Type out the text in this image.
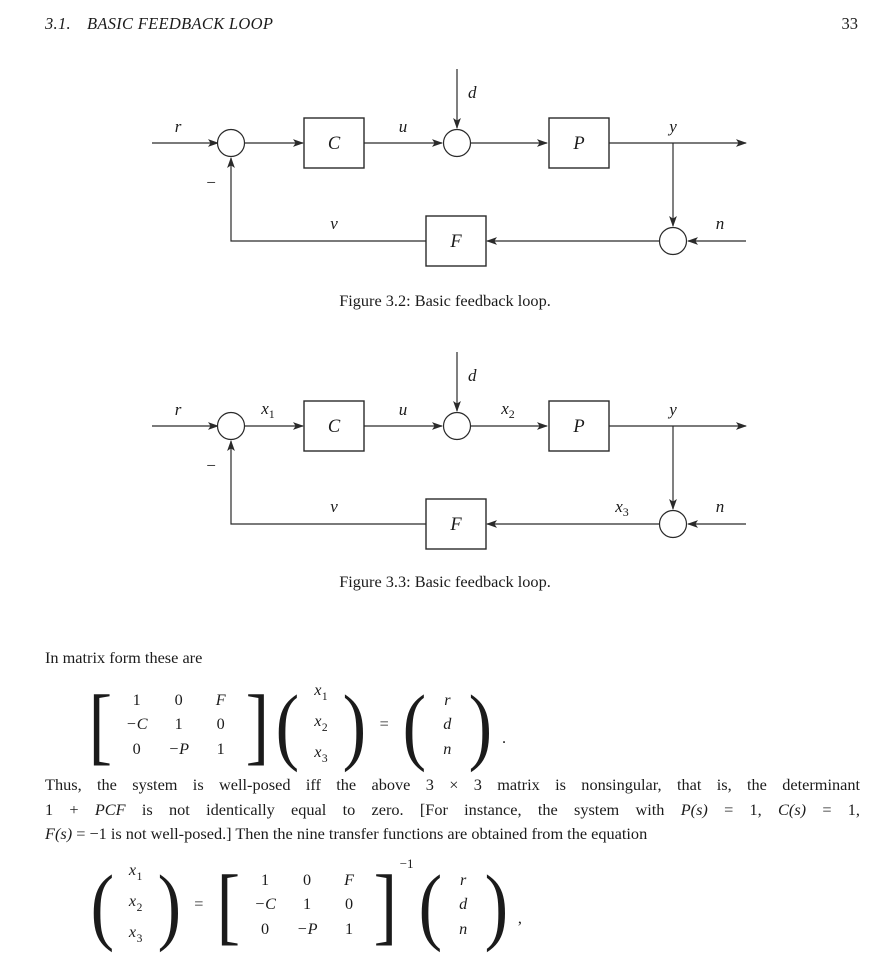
3.1. BASIC FEEDBACK LOOP	33
r
−
C
u
d
P
y
n
F
v
Figure 3.2: Basic feedback loop.
r
−
$x_1$
C
u
d
$x_2$
P
y
n
$x_3$
F
v
Figure 3.3: Basic feedback loop.
In matrix form these are
[	1	0	F
−C	1	0
0	−P	1 ] ( $x_1$
$x_2$
$x_3$ ) = (	r
d
n ) .
Thus, the system is well-posed iff the above 3 × 3 matrix is nonsingular, that is, the determinant
1 + PCF is not identically equal to zero. [For instance, the system with P(s) = 1, C(s) = 1,
F(s) = −1 is not well-posed.] Then the nine transfer functions are obtained from the equation
( $x_1$
$x_2$
$x_3$ ) = [	1	0	F
−C	1	0
0	−P	1 ] −1 (	r
d
n ) ,
